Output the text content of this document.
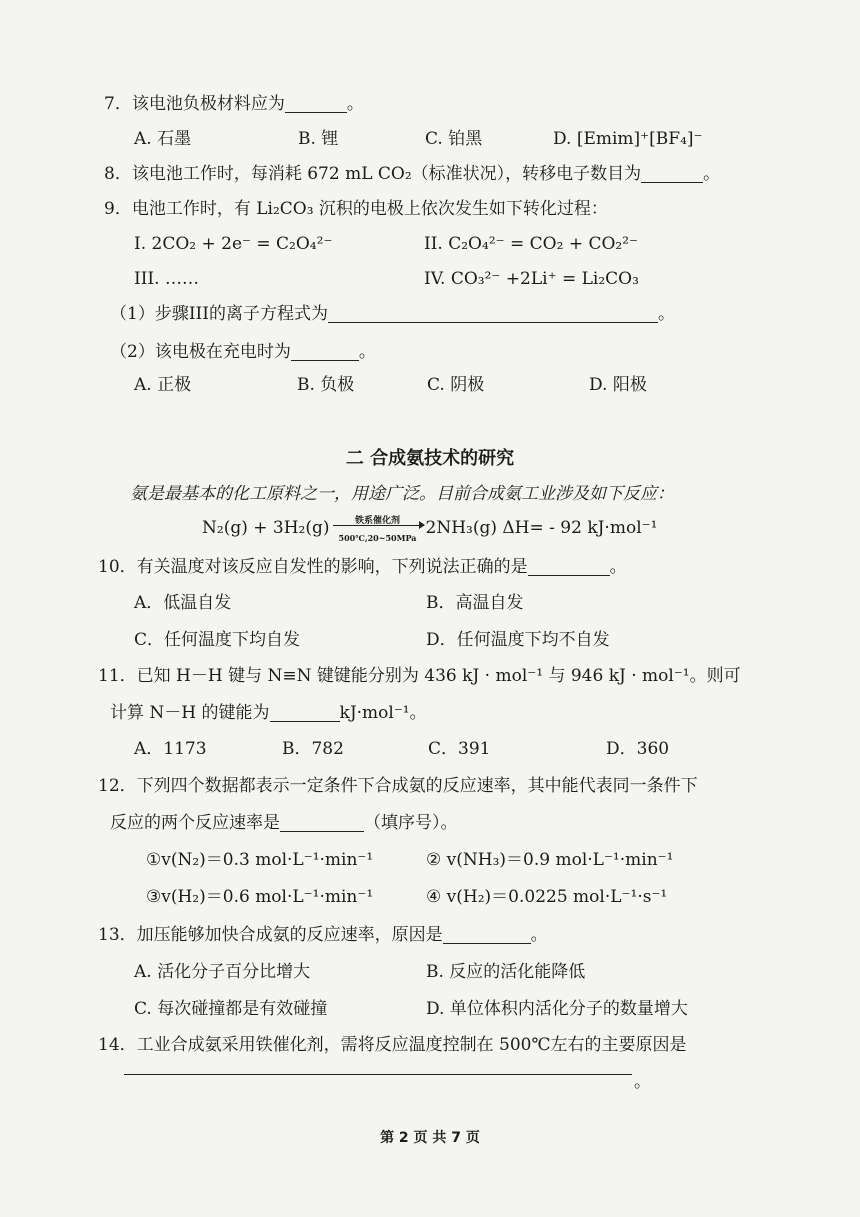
7．该电池负极材料应为	。
A. 石墨	B. 锂	C. 铂黑	D. [Emim]⁺[BF₄]⁻
8．该电池工作时，每消耗 672 mL CO₂（标准状况），转移电子数目为	。
9．电池工作时，有 Li₂CO₃ 沉积的电极上依次发生如下转化过程：
I. 2CO₂ + 2e⁻ = C₂O₄²⁻	II. C₂O₄²⁻ = CO₂ + CO₂²⁻
III. ……	IV. CO₃²⁻ +2Li⁺ = Li₂CO₃
（1）步骤III的离子方程式为	。
（2）该电极在充电时为	。
A. 正极	B. 负极	C. 阴极	D. 阳极
二 合成氨技术的研究
氨是最基本的化工原料之一，用途广泛。目前合成氨工业涉及如下反应：
N₂(g) + 3H₂(g)	铁系催化剂
500℃,20~50MPa 2NH₃(g) ΔH= - 92 kJ·mol⁻¹
10．有关温度对该反应自发性的影响，下列说法正确的是	。
A．低温自发	B．高温自发
C．任何温度下均自发	D．任何温度下均不自发
11．已知 H－H 键与 N≡N 键键能分别为 436 kJ · mol⁻¹ 与 946 kJ · mol⁻¹。则可
计算 N－H 的键能为	kJ·mol⁻¹。
A．1173	B．782	C．391	D．360
12．下列四个数据都表示一定条件下合成氨的反应速率，其中能代表同一条件下
反应的两个反应速率是	（填序号）。
①v(N₂)＝0.3 mol·L⁻¹·min⁻¹	② v(NH₃)＝0.9 mol·L⁻¹·min⁻¹
③v(H₂)＝0.6 mol·L⁻¹·min⁻¹	④ v(H₂)＝0.0225 mol·L⁻¹·s⁻¹
13．加压能够加快合成氨的反应速率，原因是	。
A. 活化分子百分比增大	B. 反应的活化能降低
C. 每次碰撞都是有效碰撞	D. 单位体积内活化分子的数量增大
14．工业合成氨采用铁催化剂，需将反应温度控制在 500℃左右的主要原因是
。
第 2 页 共 7 页
